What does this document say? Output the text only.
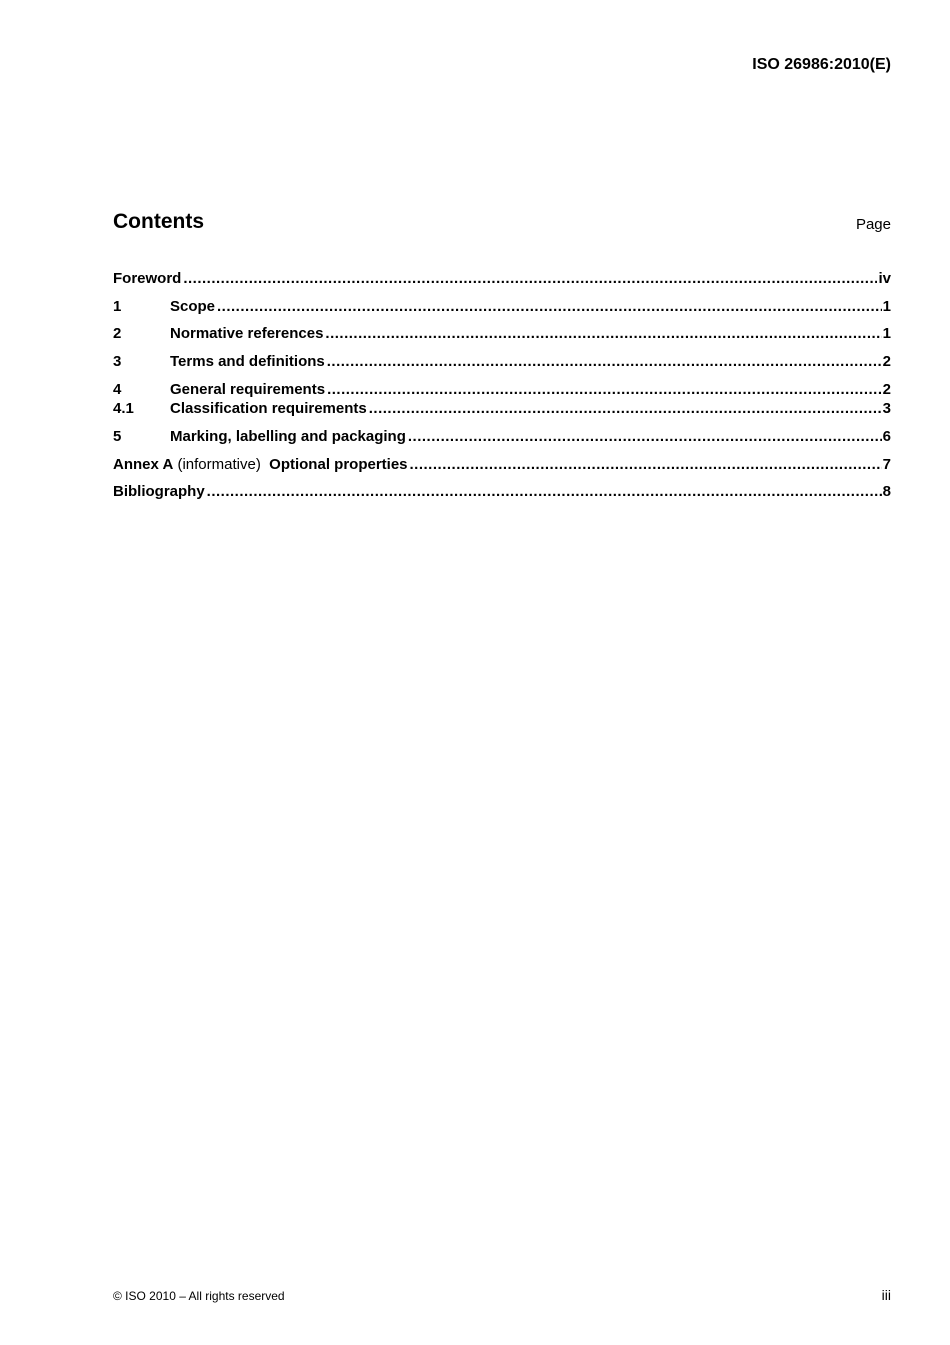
ISO 26986:2010(E)
Contents	Page
Foreword .....	iv
1	Scope .....	1
2	Normative references .....	1
3	Terms and definitions .....	2
4	General requirements .....	2
4.1	Classification requirements .....	3
5	Marking, labelling and packaging .....	6
Annex A (informative)  Optional properties .....	7
Bibliography .....	8
© ISO 2010 – All rights reserved	iii
